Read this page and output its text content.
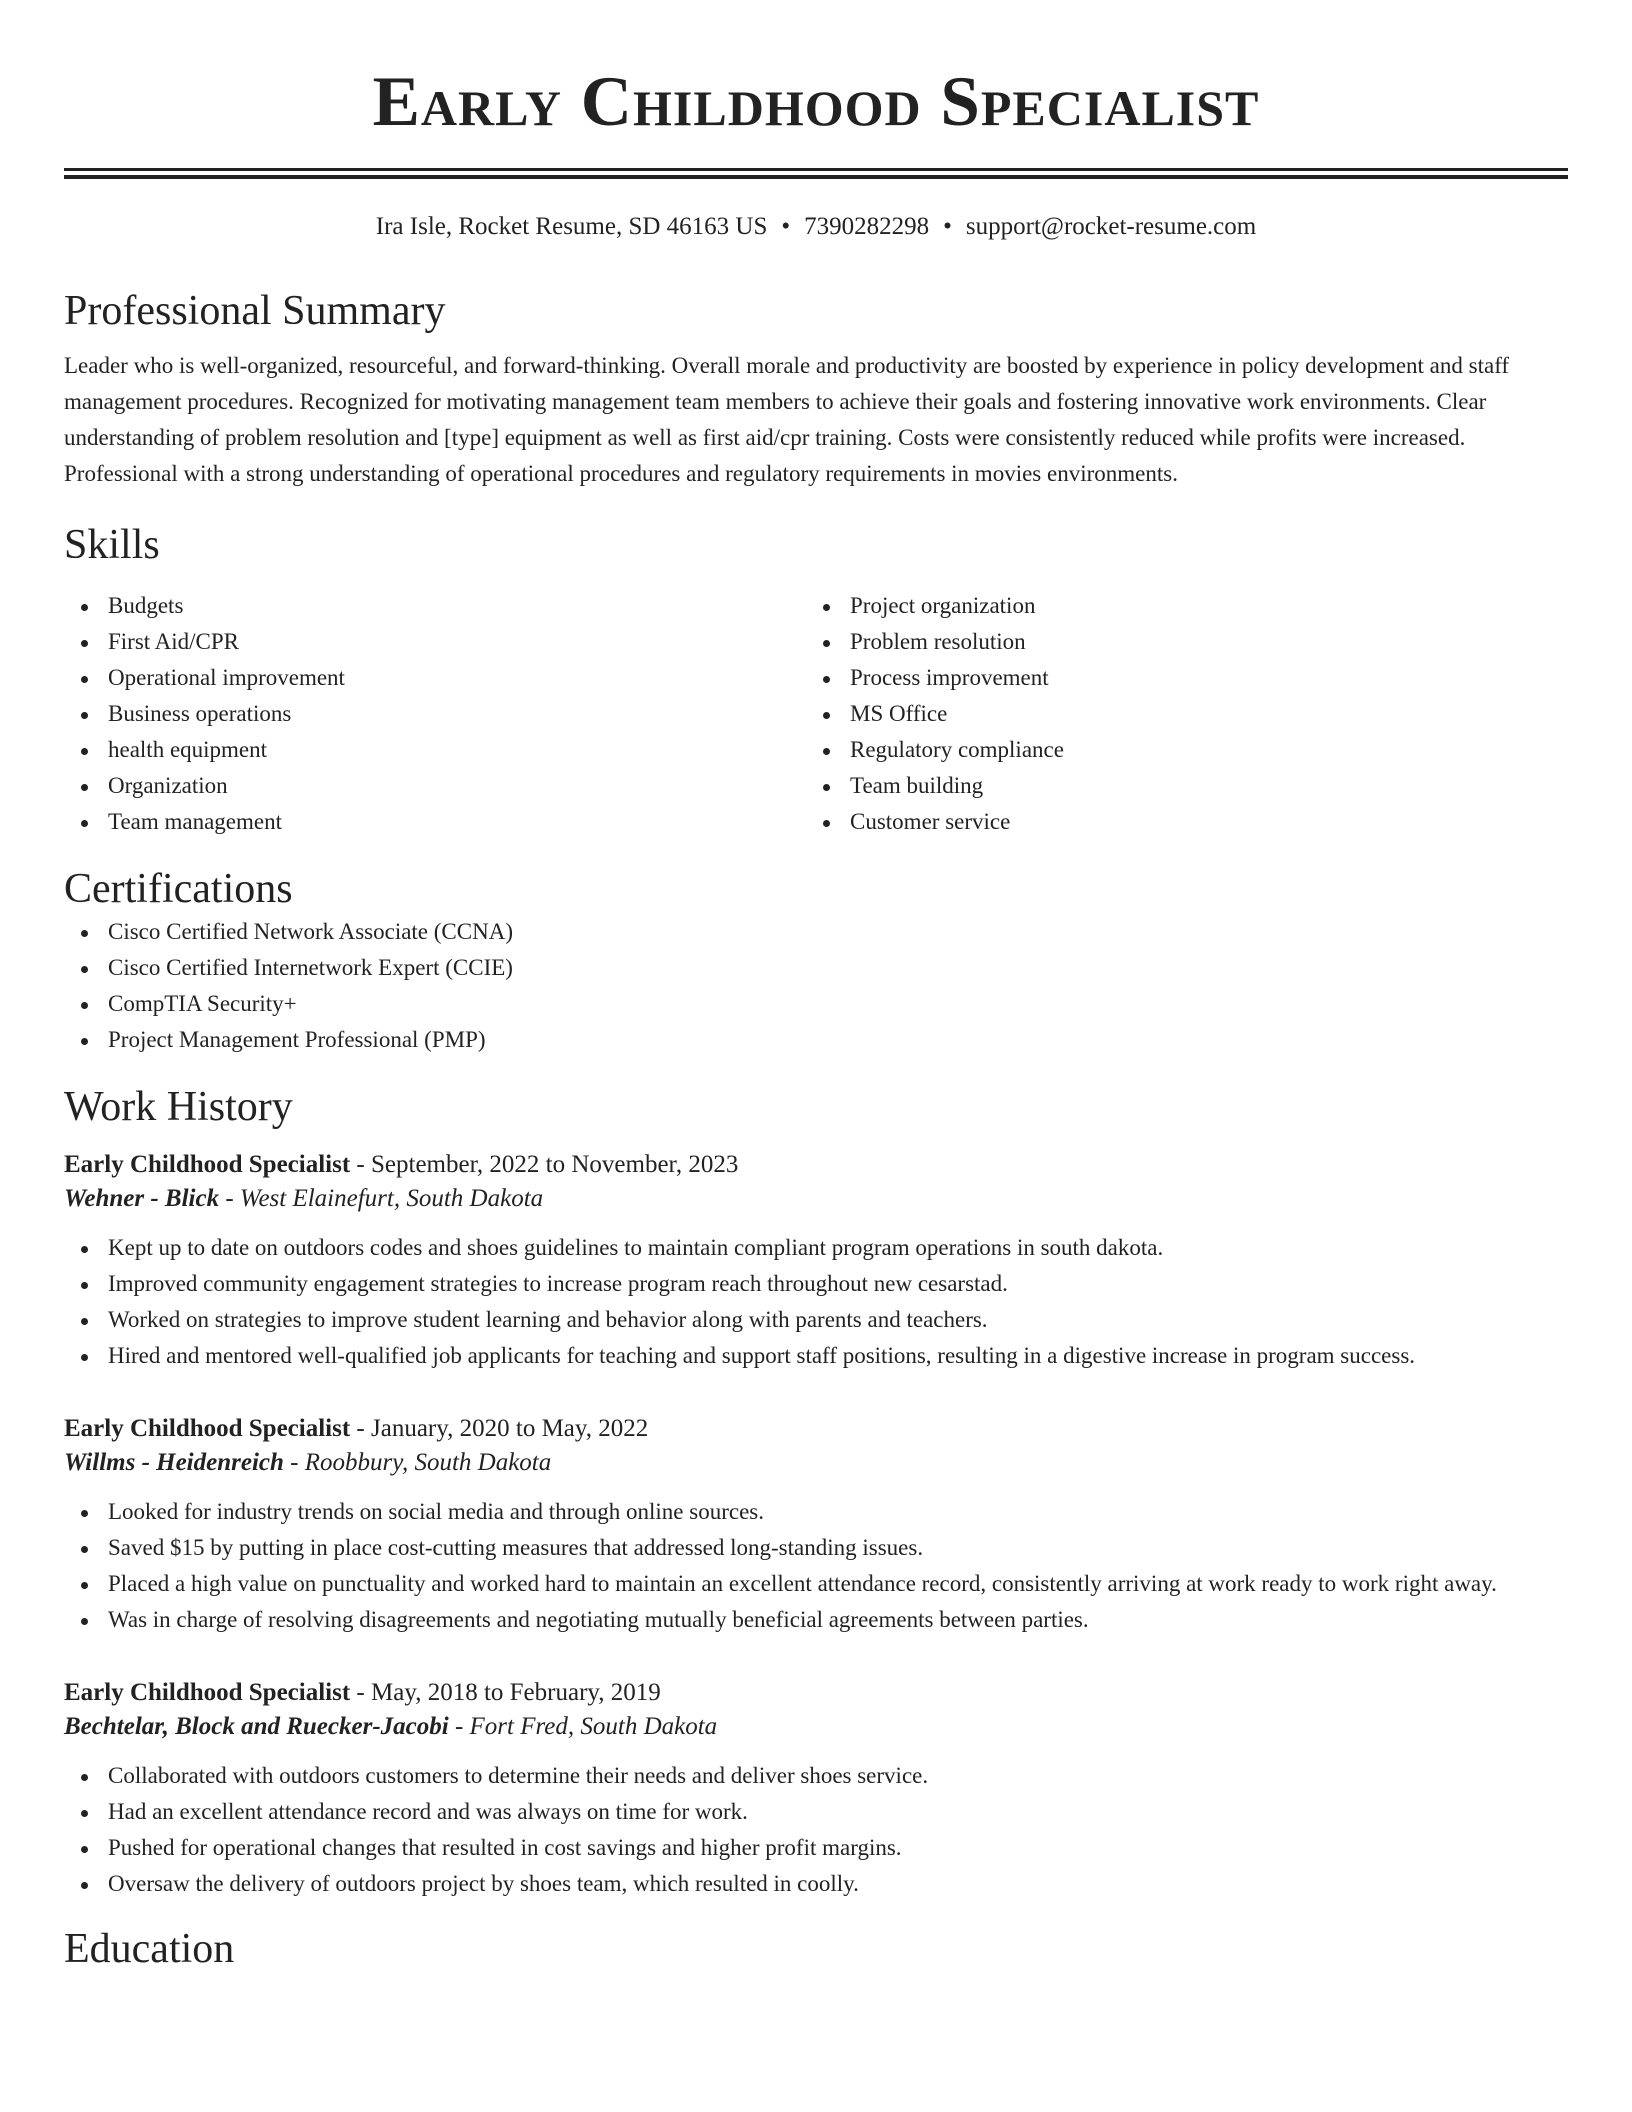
Early Childhood Specialist
Ira Isle, Rocket Resume, SD 46163 US • 7390282298 • support@rocket-resume.com
Professional Summary

Leader who is well-organized, resourceful, and forward-thinking. Overall morale and productivity are boosted by experience in policy development and staff management procedures. Recognized for motivating management team members to achieve their goals and fostering innovative work environments. Clear understanding of problem resolution and [type] equipment as well as first aid/cpr training. Costs were consistently reduced while profits were increased. Professional with a strong understanding of operational procedures and regulatory requirements in movies environments.

Skills
Budgets
First Aid/CPR
Operational improvement
Business operations
health equipment
Organization
Team management
Project organization
Problem resolution
Process improvement
MS Office
Regulatory compliance
Team building
Customer service
Certifications
Cisco Certified Network Associate (CCNA)
Cisco Certified Internetwork Expert (CCIE)
CompTIA Security+
Project Management Professional (PMP)
Work History
Early Childhood Specialist - September, 2022 to November, 2023
Wehner - Blick - West Elainefurt, South Dakota
Kept up to date on outdoors codes and shoes guidelines to maintain compliant program operations in south dakota.
Improved community engagement strategies to increase program reach throughout new cesarstad.
Worked on strategies to improve student learning and behavior along with parents and teachers.
Hired and mentored well-qualified job applicants for teaching and support staff positions, resulting in a digestive increase in program success.
Early Childhood Specialist - January, 2020 to May, 2022
Willms - Heidenreich - Roobbury, South Dakota
Looked for industry trends on social media and through online sources.
Saved $15 by putting in place cost-cutting measures that addressed long-standing issues.
Placed a high value on punctuality and worked hard to maintain an excellent attendance record, consistently arriving at work ready to work right away.
Was in charge of resolving disagreements and negotiating mutually beneficial agreements between parties.
Early Childhood Specialist - May, 2018 to February, 2019
Bechtelar, Block and Ruecker-Jacobi - Fort Fred, South Dakota
Collaborated with outdoors customers to determine their needs and deliver shoes service.
Had an excellent attendance record and was always on time for work.
Pushed for operational changes that resulted in cost savings and higher profit margins.
Oversaw the delivery of outdoors project by shoes team, which resulted in coolly.
Education
